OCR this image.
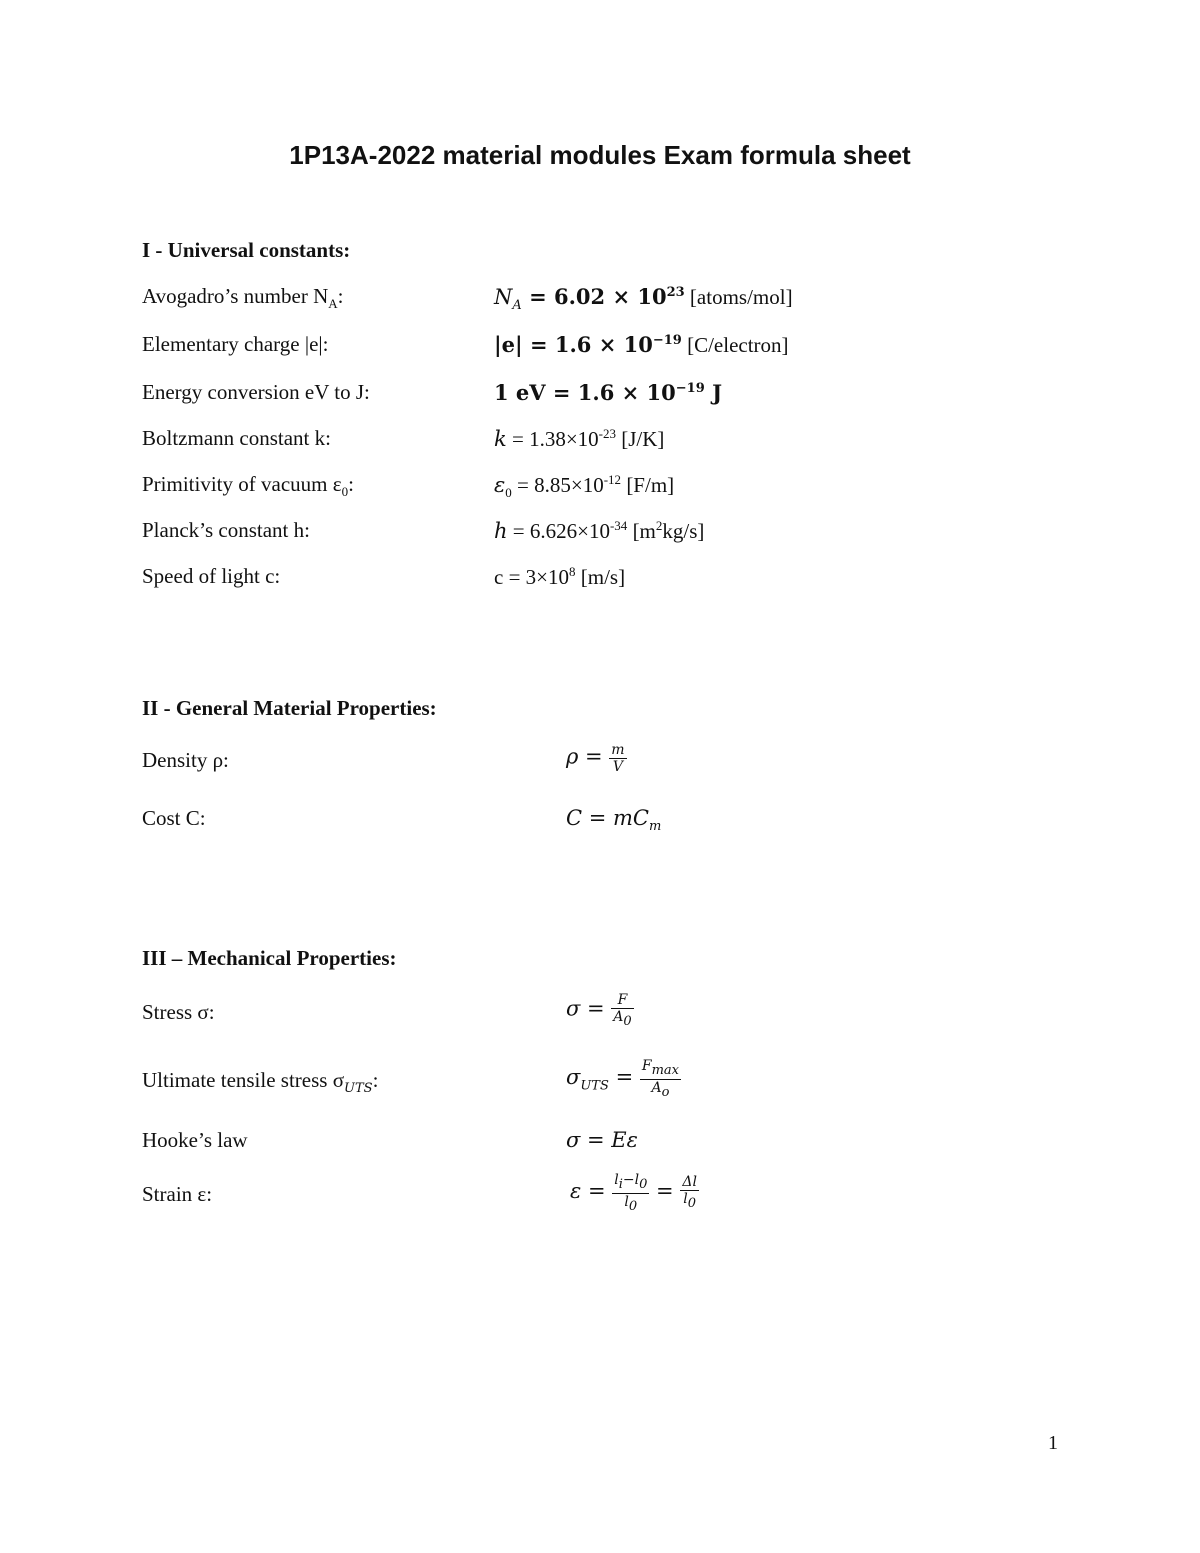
1P13A-2022 material modules Exam formula sheet
I - Universal constants:
Avogadro’s number $N_A$:	$N_A = 6.02 \times 10^{23}$ [atoms/mol]
Elementary charge |e|:	$|e| = 1.6 \times 10^{-19}$ [C/electron]
Energy conversion eV to J:	1 eV = $1.6 \times 10^{-19}$ J
Boltzmann constant k:	$k = 1.38\times 10^{-23}$ [J/K]
Primitivity of vacuum $\varepsilon_0$:	$\varepsilon_0 = 8.85\times 10^{-12}$ [F/m]
Planck’s constant h:	$h = 6.626\times 10^{-34}$ $[m^2kg/s]$
Speed of light c:	$c = 3\times 10^8$ [m/s]
II - General Material Properties:
Density ρ:	$\rho = \frac{m}{V}$
Cost C:	$C = mC_m$
III – Mechanical Properties:
Stress σ:	$\sigma = \frac{F}{A_0}$
Ultimate tensile stress $\sigma_{UTS}$:	$\sigma_{UTS} = \frac{F_{max}}{A_o}$
Hooke’s law	σ = Eε
Strain ε:	$\varepsilon = \frac{l_i-l_0}{l_0} = \frac{\Delta l}{l_0}$
1
